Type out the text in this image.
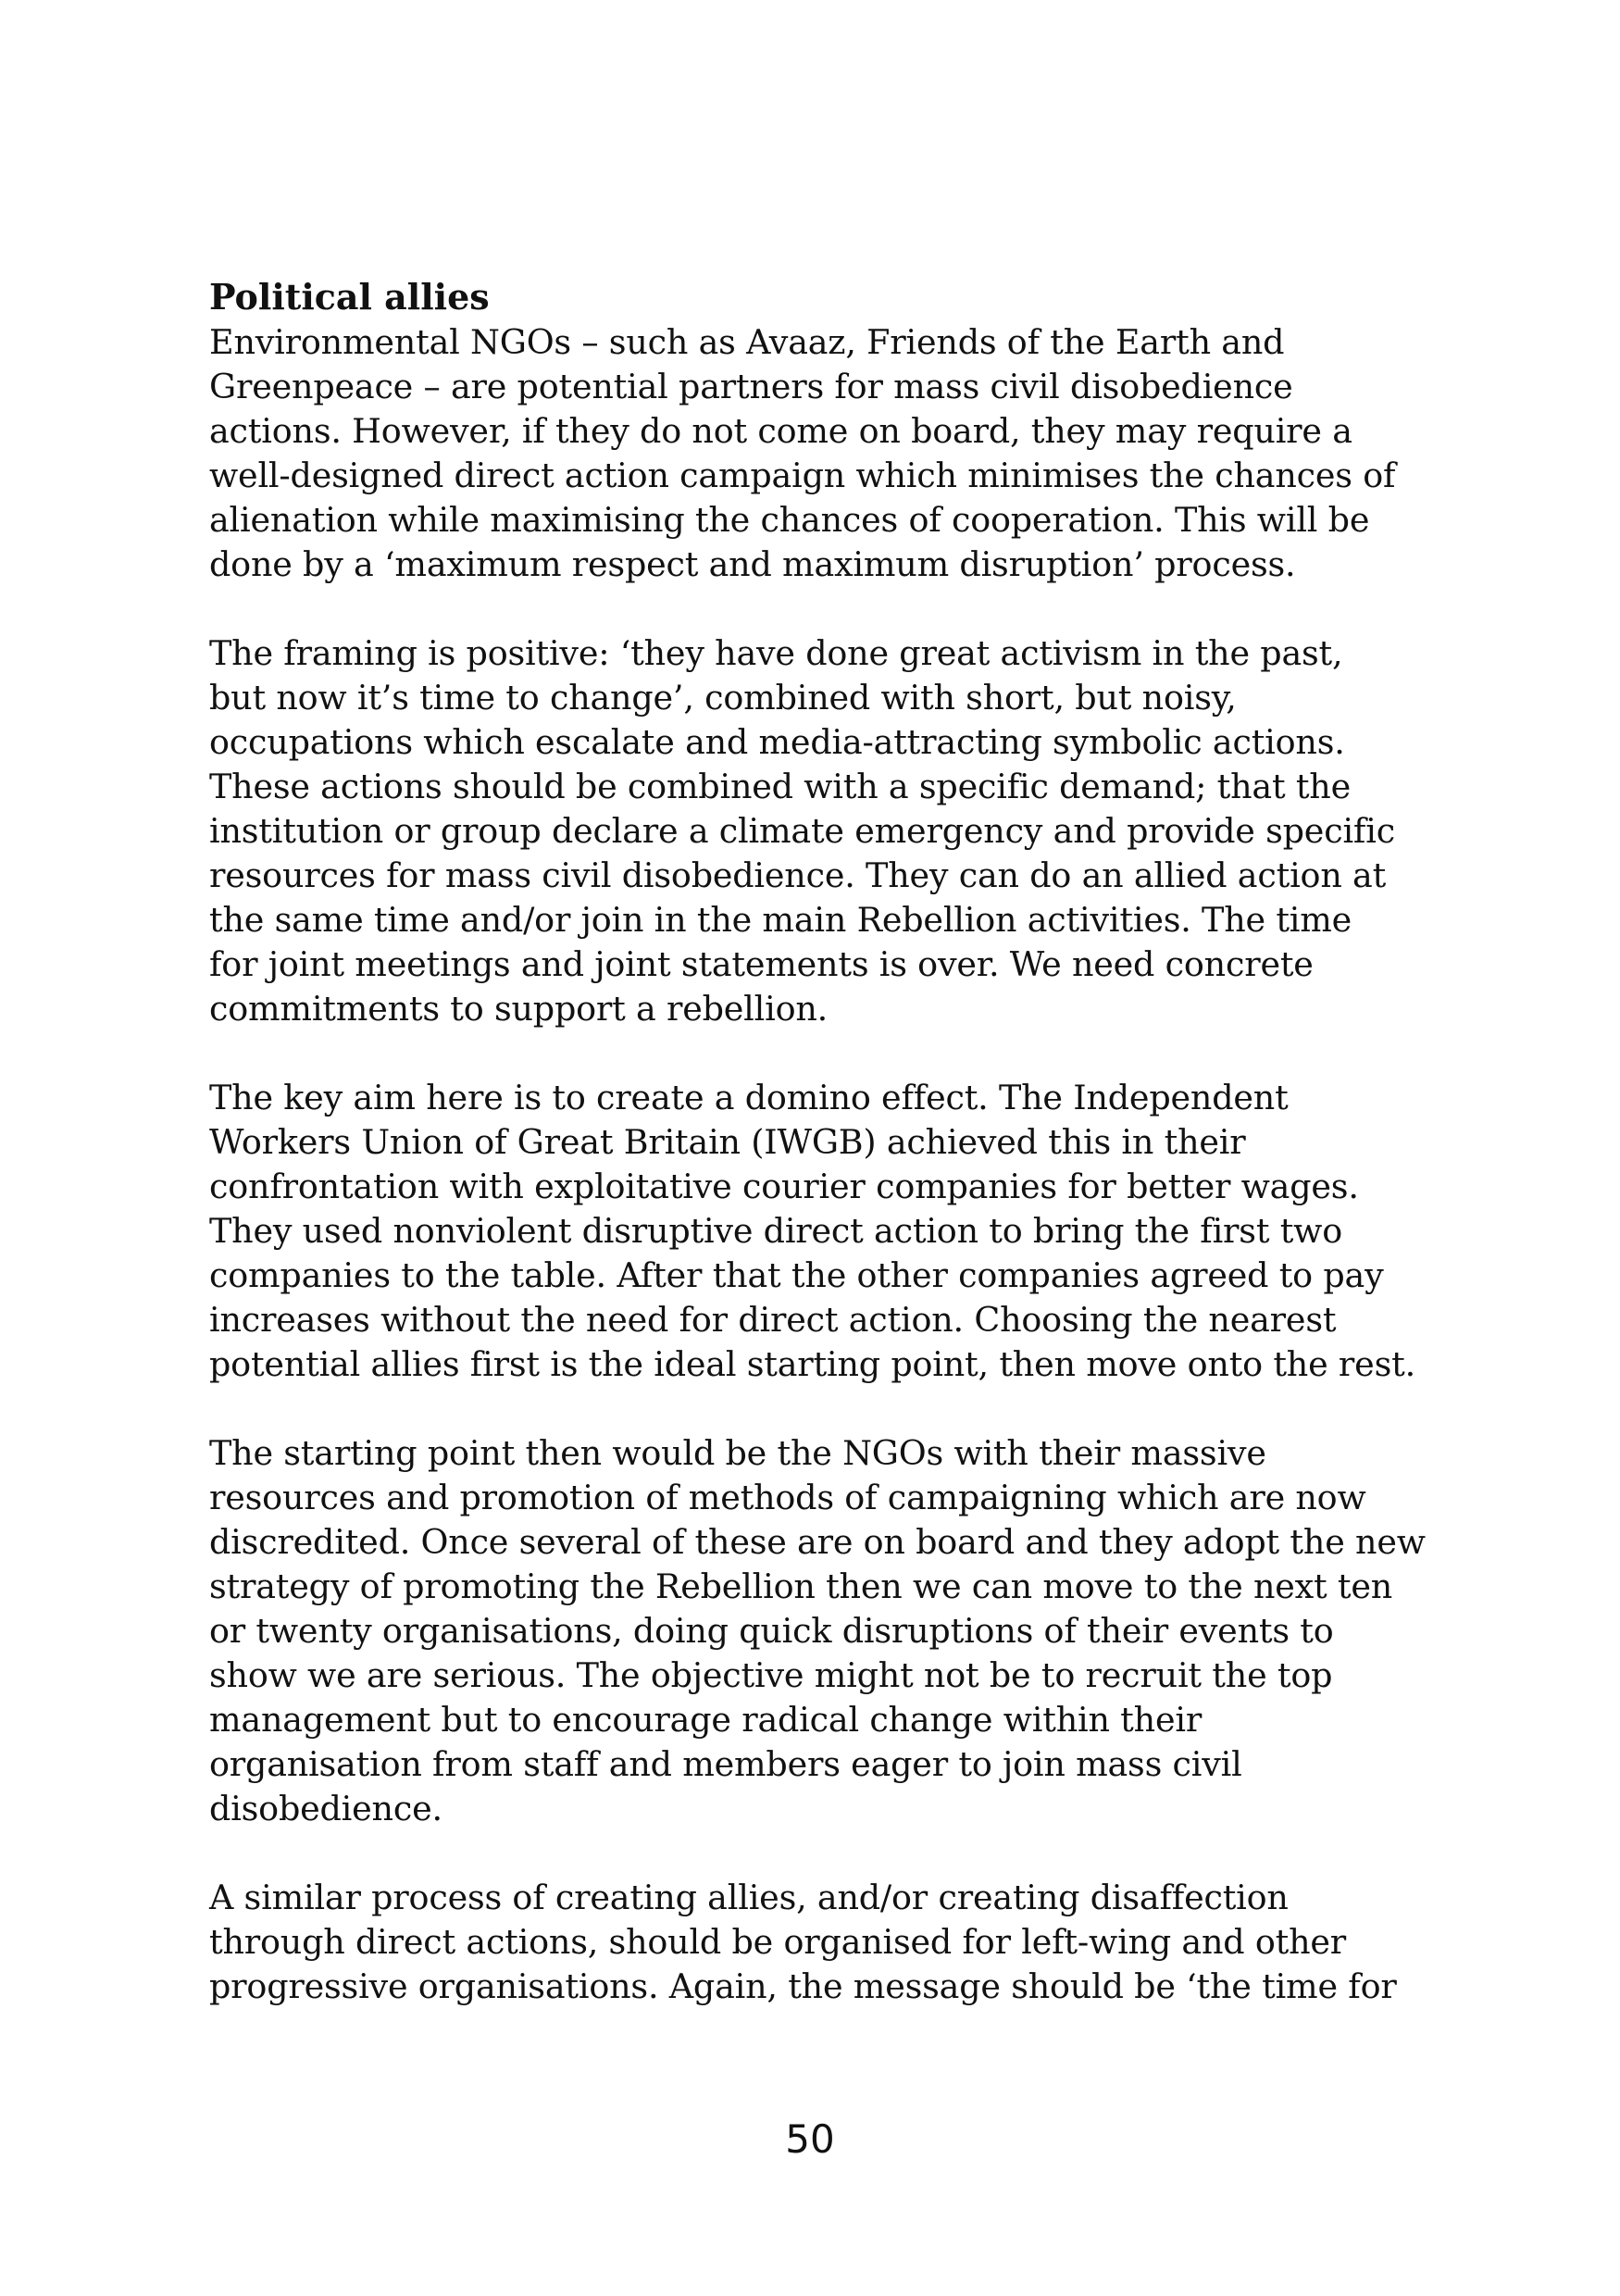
Political allies

Environmental NGOs – such as Avaaz, Friends of the Earth and
Greenpeace – are potential partners for mass civil disobedience
actions. However, if they do not come on board, they may require a
well-designed direct action campaign which minimises the chances of
alienation while maximising the chances of cooperation. This will be
done by a ‘maximum respect and maximum disruption’ process.

The framing is positive: ‘they have done great activism in the past,
but now it’s time to change’, combined with short, but noisy,
occupations which escalate and media-attracting symbolic actions.
These actions should be combined with a specific demand; that the
institution or group declare a climate emergency and provide specific
resources for mass civil disobedience. They can do an allied action at
the same time and/or join in the main Rebellion activities. The time
for joint meetings and joint statements is over. We need concrete
commitments to support a rebellion.

The key aim here is to create a domino effect. The Independent
Workers Union of Great Britain (IWGB) achieved this in their
confrontation with exploitative courier companies for better wages.
They used nonviolent disruptive direct action to bring the first two
companies to the table. After that the other companies agreed to pay
increases without the need for direct action. Choosing the nearest
potential allies first is the ideal starting point, then move onto the rest.

The starting point then would be the NGOs with their massive
resources and promotion of methods of campaigning which are now
discredited. Once several of these are on board and they adopt the new
strategy of promoting the Rebellion then we can move to the next ten
or twenty organisations, doing quick disruptions of their events to
show we are serious. The objective might not be to recruit the top
management but to encourage radical change within their
organisation from staff and members eager to join mass civil
disobedience.

A similar process of creating allies, and/or creating disaffection
through direct actions, should be organised for left-wing and other
progressive organisations. Again, the message should be ‘the time for

50
